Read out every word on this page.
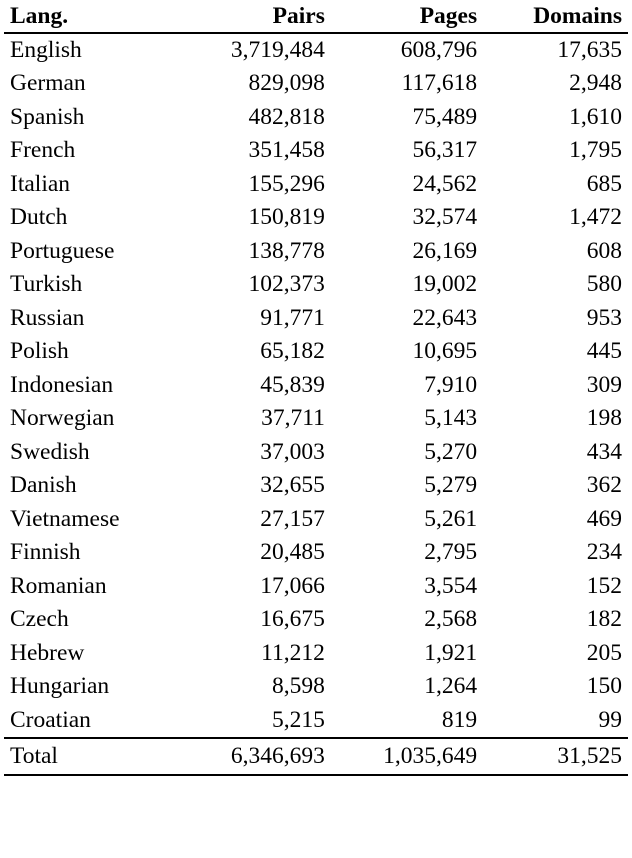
Lang.	Pairs	Pages	Domains
English	3,719,484	608,796	17,635
German	829,098	117,618	2,948
Spanish	482,818	75,489	1,610
French	351,458	56,317	1,795
Italian	155,296	24,562	685
Dutch	150,819	32,574	1,472
Portuguese	138,778	26,169	608
Turkish	102,373	19,002	580
Russian	91,771	22,643	953
Polish	65,182	10,695	445
Indonesian	45,839	7,910	309
Norwegian	37,711	5,143	198
Swedish	37,003	5,270	434
Danish	32,655	5,279	362
Vietnamese	27,157	5,261	469
Finnish	20,485	2,795	234
Romanian	17,066	3,554	152
Czech	16,675	2,568	182
Hebrew	11,212	1,921	205
Hungarian	8,598	1,264	150
Croatian	5,215	819	99
Total	6,346,693	1,035,649	31,525
